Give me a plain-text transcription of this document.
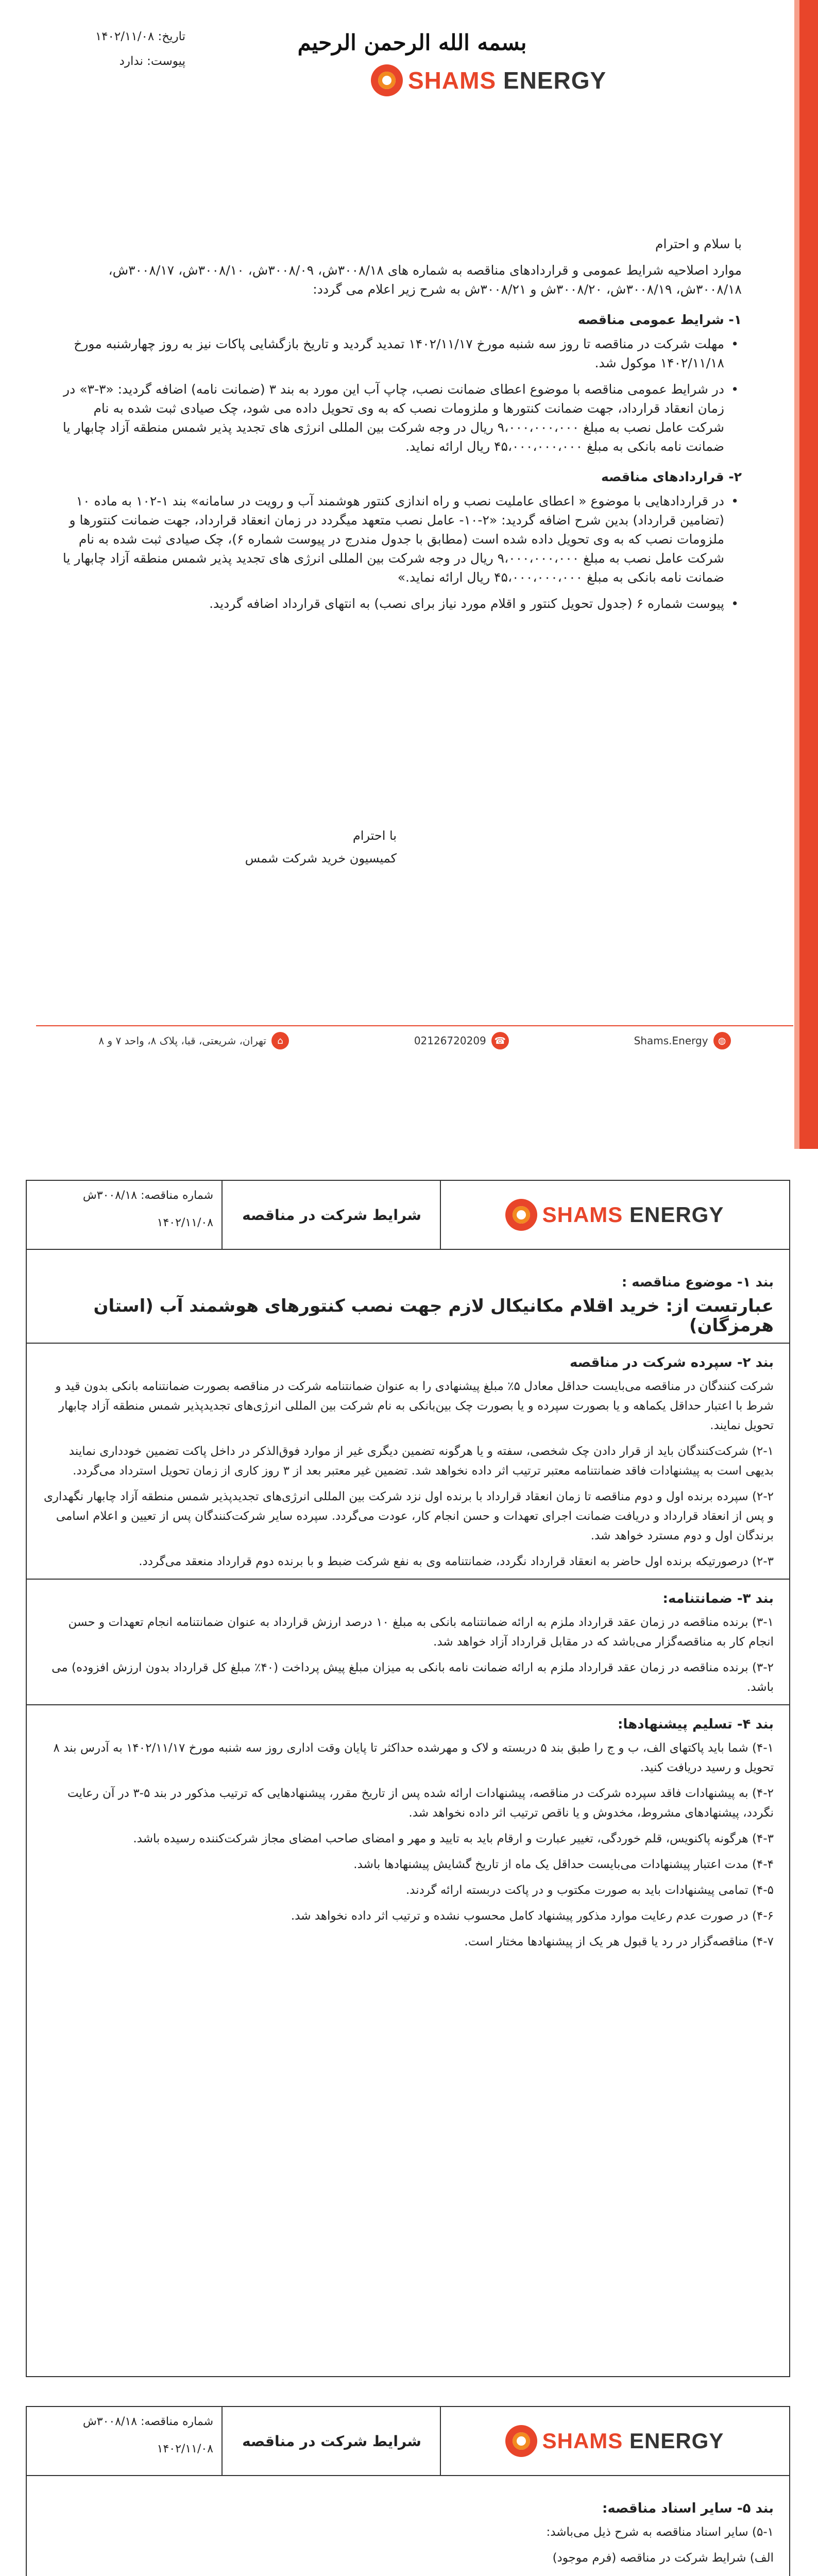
بسمه الله الرحمن الرحیم
تاریخ: ۱۴۰۲/۱۱/۰۸
پیوست: ندارد
SHAMS ENERGY

با سلام و احترام

موارد اصلاحیه شرایط عمومی و قراردادهای مناقصه به شماره های ۳۰۰۸/۱۸ش، ۳۰۰۸/۰۹ش، ۳۰۰۸/۱۰ش، ۳۰۰۸/۱۷ش، ۳۰۰۸/۱۸ش، ۳۰۰۸/۱۹ش، ۳۰۰۸/۲۰ش و ۳۰۰۸/۲۱ش به شرح زیر اعلام می گردد:

۱- شرایط عمومی مناقصه
• مهلت شرکت در مناقصه تا روز سه شنبه مورخ ۱۴۰۲/۱۱/۱۷ تمدید گردید و تاریخ بازگشایی پاکات نیز به روز چهارشنبه مورخ ۱۴۰۲/۱۱/۱۸ موکول شد.
• در شرایط عمومی مناقصه با موضوع اعطای ضمانت نصب، چاپ آب این مورد به بند ۳ (ضمانت نامه) اضافه گردید: «۳-۳» در زمان انعقاد قرارداد، جهت ضمانت کنتورها و ملزومات نصب که به وی تحویل داده می شود، چک صیادی ثبت شده به نام شرکت عامل نصب به مبلغ ۹،۰۰۰،۰۰۰،۰۰۰ ریال در وجه شرکت بین المللی انرژی های تجدید پذیر شمس منطقه آزاد چابهار یا ضمانت نامه بانکی به مبلغ ۴۵،۰۰۰،۰۰۰،۰۰۰ ریال ارائه نماید.
۲- قراردادهای مناقصه
• در قراردادهایی با موضوع « اعطای عاملیت نصب و راه اندازی کنتور هوشمند آب و رویت در سامانه» بند ۱-۱۰۲ به ماده ۱۰ (تضامین قرارداد) بدین شرح اضافه گردید: «۲-۱۰- عامل نصب متعهد میگردد در زمان انعقاد قرارداد، جهت ضمانت کنتورها و ملزومات نصب که به وی تحویل داده شده است (مطابق با جدول مندرج در پیوست شماره ۶)، چک صیادی ثبت شده به نام شرکت عامل نصب به مبلغ ۹،۰۰۰،۰۰۰،۰۰۰ ریال در وجه شرکت بین المللی انرژی های تجدید پذیر شمس منطقه آزاد چابهار یا ضمانت نامه بانکی به مبلغ ۴۵،۰۰۰،۰۰۰،۰۰۰ ریال ارائه نماید.»
• پیوست شماره ۶ (جدول تحویل کنتور و اقلام مورد نیاز برای نصب) به انتهای قرارداد اضافه گردید.
با احترام
کمیسیون خرید شرکت شمس
⌂
تهران، شریعتی، قبا، پلاک ۸، واحد ۷ و ۸	☎
02126720209	◍
Shams.Energy
شماره مناقصه: ۳۰۰۸/۱۸ش
۱۴۰۲/۱۱/۰۸	شرایط شرکت در مناقصه	SHAMS ENERGY
بند ۱- موضوع مناقصه :
عبارتست از: خرید اقلام مکانیکال لازم جهت نصب کنتورهای هوشمند آب (استان هرمزگان)
بند ۲- سپرده شرکت در مناقصه
شرکت کنندگان در مناقصه می‌بایست حداقل معادل ۵٪ مبلغ پیشنهادی را به عنوان ضمانتنامه شرکت در مناقصه بصورت ضمانتنامه بانکی بدون قید و شرط با اعتبار حداقل یکماهه و یا بصورت سپرده و یا بصورت چک بین‌بانکی به نام شرکت بین المللی انرژی‌های تجدیدپذیر شمس منطقه آزاد چابهار تحویل نمایند.
۲-۱) شرکت‌کنندگان باید از قرار دادن چک شخصی، سفته و یا هرگونه تضمین دیگری غیر از موارد فوق‌الذکر در داخل پاکت تضمین خودداری نمایند بدیهی است به پیشنهادات فاقد ضمانتنامه معتبر ترتیب اثر داده نخواهد شد. تضمین غیر معتبر بعد از ۳ روز کاری از زمان تحویل استرداد می‌گردد.
۲-۲) سپرده برنده اول و دوم مناقصه تا زمان انعقاد قرارداد با برنده اول نزد شرکت بین المللی انرژی‌های تجدیدپذیر شمس منطقه آزاد چابهار نگهداری و پس از انعقاد قرارداد و دریافت ضمانت اجرای تعهدات و حسن انجام کار، عودت می‌گردد. سپرده سایر شرکت‌کنندگان پس از تعیین و اعلام اسامی برندگان اول و دوم مسترد خواهد شد.
۲-۳) درصورتیکه برنده اول حاضر به انعقاد قرارداد نگردد، ضمانتنامه وی به نفع شرکت ضبط و با برنده دوم قرارداد منعقد می‌گردد.
بند ۳- ضمانتنامه:
۳-۱) برنده مناقصه در زمان عقد قرارداد ملزم به ارائه ضمانتنامه بانکی به مبلغ ۱۰ درصد ارزش قرارداد به عنوان ضمانتنامه انجام تعهدات و حسن انجام کار به مناقصه‌گزار می‌باشد که در مقابل قرارداد آزاد خواهد شد.
۳-۲) برنده مناقصه در زمان عقد قرارداد ملزم به ارائه ضمانت نامه بانکی به میزان مبلغ پیش پرداخت (۴۰٪ مبلغ کل قرارداد بدون ارزش افزوده) می باشد.
بند ۴- تسلیم پیشنهادها:
۴-۱) شما باید پاکتهای الف، ب و ج را طبق بند ۵ دربسته و لاک و مهرشده حداکثر تا پایان وقت اداری روز سه شنبه مورخ ۱۴۰۲/۱۱/۱۷ به آدرس بند ۸ تحویل و رسید دریافت کنید.
۴-۲) به پیشنهادات فاقد سپرده شرکت در مناقصه، پیشنهادات ارائه شده پس از تاریخ مقرر، پیشنهادهایی که ترتیب مذکور در بند ۵-۳ در آن رعایت نگردد، پیشنهادهای مشروط، مخدوش و یا ناقص ترتیب اثر داده نخواهد شد.
۴-۳) هرگونه پاکنویس، قلم خوردگی، تغییر عبارت و ارقام باید به تایید و مهر و امضای صاحب امضای مجاز شرکت‌کننده رسیده باشد.
۴-۴) مدت اعتبار پیشنهادات می‌بایست حداقل یک ماه از تاریخ گشایش پیشنهادها باشد.
۴-۵) تمامی پیشنهادات باید به صورت مکتوب و در پاکت دربسته ارائه گردند.
۴-۶) در صورت عدم رعایت موارد مذکور پیشنهاد کامل محسوب نشده و ترتیب اثر داده نخواهد شد.
۴-۷) مناقصه‌گزار در رد یا قبول هر یک از پیشنهادها مختار است.
شماره مناقصه: ۳۰۰۸/۱۸ش
۱۴۰۲/۱۱/۰۸	شرایط شرکت در مناقصه	SHAMS ENERGY
بند ۵- سایر اسناد مناقصه:
۵-۱) سایر اسناد مناقصه به شرح ذیل می‌باشد:
الف) شرایط شرکت در مناقصه (فرم موجود)
